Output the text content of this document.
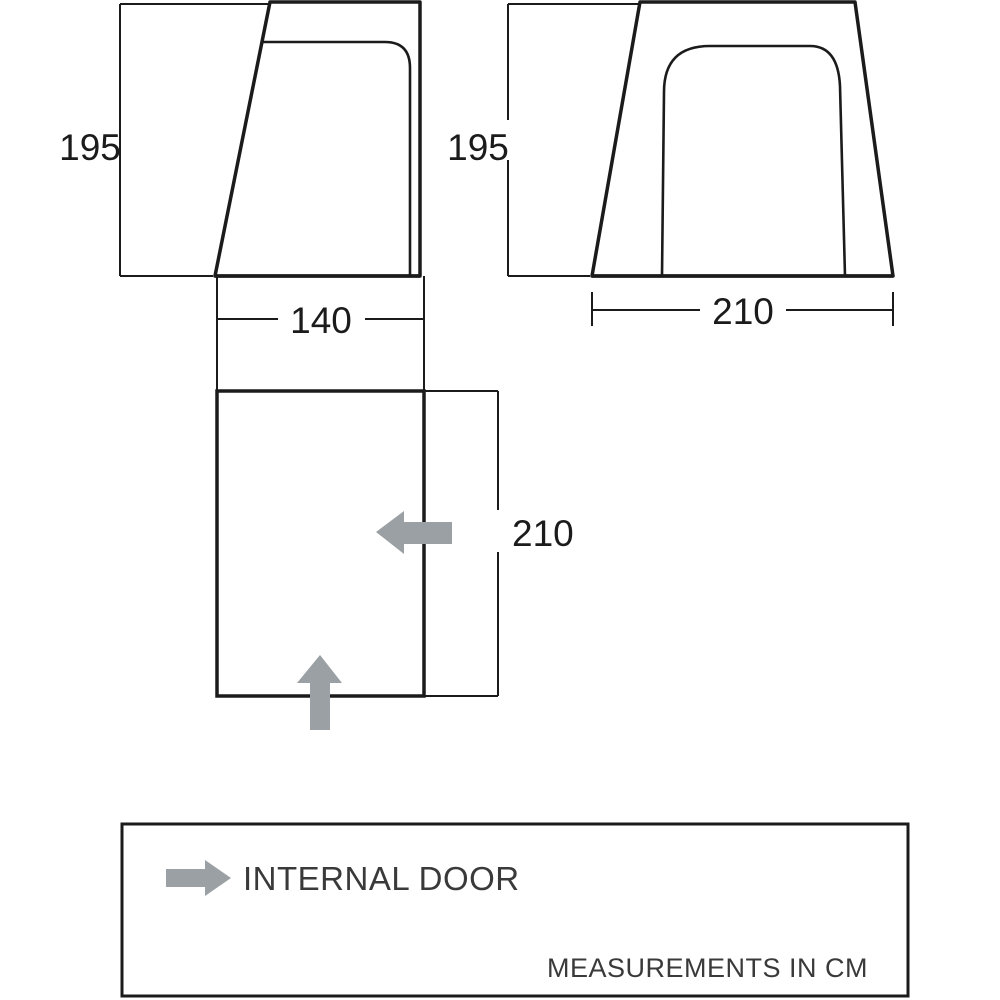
195
140
195
210
210
INTERNAL DOOR
MEASUREMENTS IN CM
